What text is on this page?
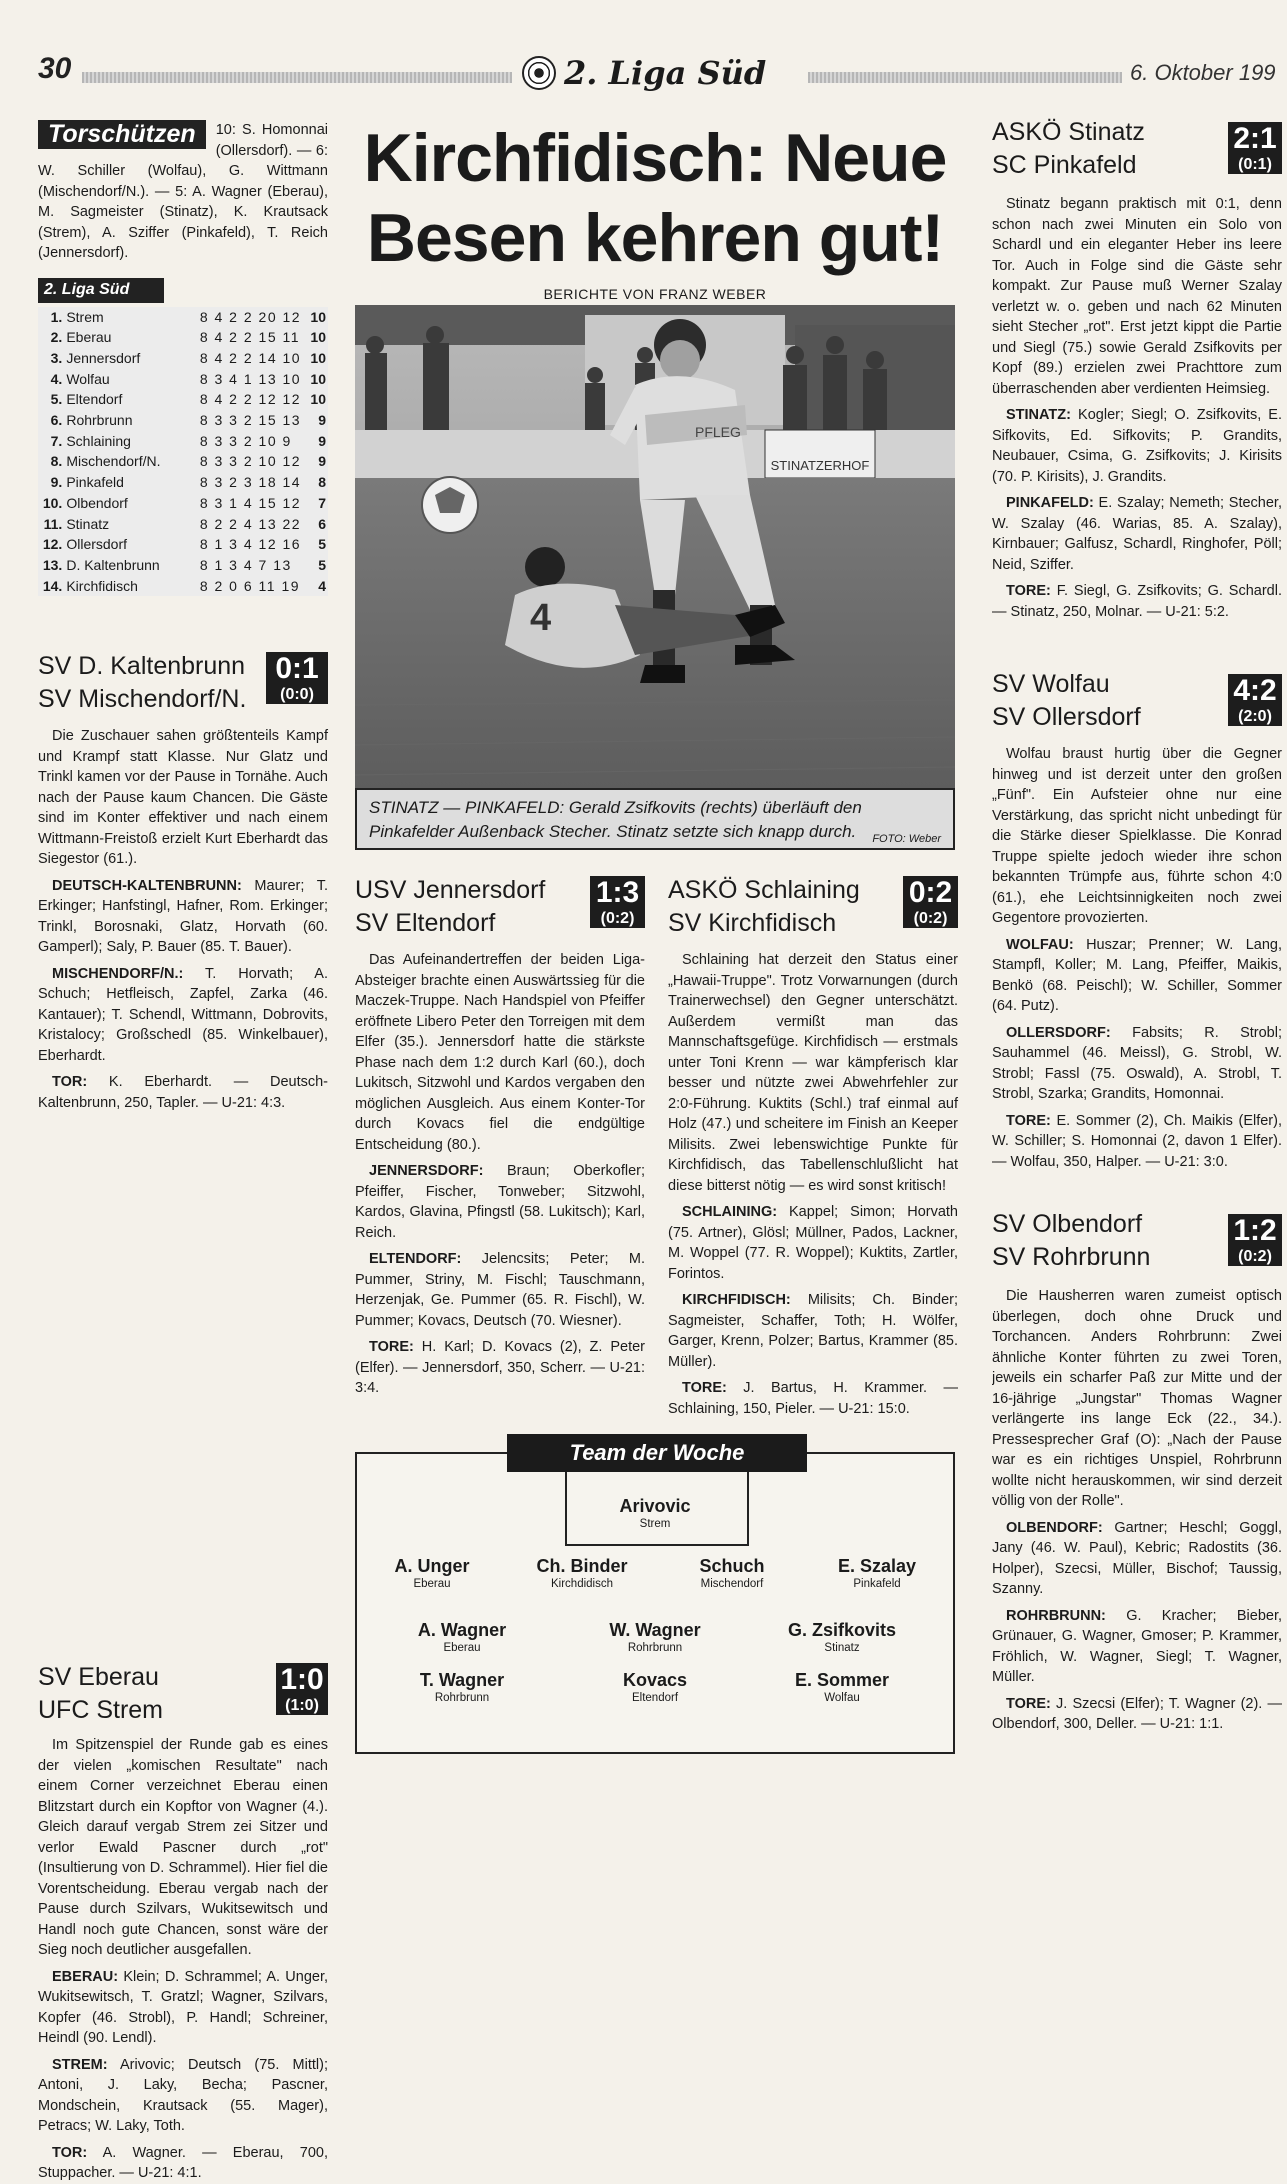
30	2. Liga Süd	6. Oktober 199
Torschützen	10: S. Homonnai (Ollersdorf). — 6: W. Schiller (Wolfau), G. Wittmann (Mischendorf/N.). — 5: A. Wagner (Eberau), M. Sagmeister (Stinatz), K. Krautsack (Strem), A. Sziffer (Pinkafeld), T. Reich (Jennersdorf).
2. Liga Süd
1.	Strem	8 4 2 2 20 12	10
2.	Eberau	8 4 2 2 15 11	10
3.	Jennersdorf	8 4 2 2 14 10	10
4.	Wolfau	8 3 4 1 13 10	10
5.	Eltendorf	8 4 2 2 12 12	10
6.	Rohrbrunn	8 3 3 2 15 13	9
7.	Schlaining	8 3 3 2 10 9	9
8.	Mischendorf/N.	8 3 3 2 10 12	9
9.	Pinkafeld	8 3 2 3 18 14	8
10.	Olbendorf	8 3 1 4 15 12	7
11.	Stinatz	8 2 2 4 13 22	6
12.	Ollersdorf	8 1 3 4 12 16	5
13.	D. Kaltenbrunn	8 1 3 4 7 13	5
14.	Kirchfidisch	8 2 0 6 11 19	4
SV D. Kaltenbrunn
SV Mischendorf/N.
0:1
(0:0)

Die Zuschauer sahen größtenteils Kampf und Krampf statt Klasse. Nur Glatz und Trinkl kamen vor der Pause in Tornähe. Auch nach der Pause kaum Chancen. Die Gäste sind im Konter effektiver und nach einem Wittmann-Freistoß erzielt Kurt Eberhardt das Siegestor (61.).

DEUTSCH-KALTENBRUNN: Maurer; T. Erkinger; Hanfstingl, Hafner, Rom. Erkinger; Trinkl, Borosnaki, Glatz, Horvath (60. Gamperl); Saly, P. Bauer (85. T. Bauer).

MISCHENDORF/N.: T. Horvath; A. Schuch; Hetfleisch, Zapfel, Zarka (46. Kantauer); T. Schendl, Wittmann, Dobrovits, Kristalocy; Großschedl (85. Winkelbauer), Eberhardt.

TOR: K. Eberhardt. — Deutsch-Kaltenbrunn, 250, Tapler. — U-21: 4:3.

SV Eberau
UFC Strem
1:0
(1:0)

Im Spitzenspiel der Runde gab es eines der vielen „komischen Resultate" nach einem Corner verzeichnet Eberau einen Blitzstart durch ein Kopftor von Wagner (4.). Gleich darauf vergab Strem zei Sitzer und verlor Ewald Pascner durch „rot" (Insultierung von D. Schrammel). Hier fiel die Vorentscheidung. Eberau vergab nach der Pause durch Szilvars, Wukitsewitsch und Handl noch gute Chancen, sonst wäre der Sieg noch deutlicher ausgefallen.

EBERAU: Klein; D. Schrammel; A. Unger, Wukitsewitsch, T. Gratzl; Wagner, Szilvars, Kopfer (46. Strobl), P. Handl; Schreiner, Heindl (90. Lendl).

STREM: Arivovic; Deutsch (75. Mittl); Antoni, J. Laky, Becha; Pascner, Mondschein, Krautsack (55. Mager), Petracs; W. Laky, Toth.

TOR: A. Wagner. — Eberau, 700, Stuppacher. — U-21: 4:1.

Kirchfidisch: Neue
Besen kehren gut!
BERICHTE VON FRANZ WEBER
STINATZERHOF
PFLEG
4
STINATZ — PINKAFELD: Gerald Zsifkovits (rechts) überläuft den Pinkafelder Außenback Stecher. Stinatz setzte sich knapp durch. FOTO: Weber
USV Jennersdorf
SV Eltendorf
1:3
(0:2)

Das Aufeinandertreffen der beiden Liga-Absteiger brachte einen Auswärtssieg für die Maczek-Truppe. Nach Handspiel von Pfeiffer eröffnete Libero Peter den Torreigen mit dem Elfer (35.). Jennersdorf hatte die stärkste Phase nach dem 1:2 durch Karl (60.), doch Lukitsch, Sitzwohl und Kardos vergaben den möglichen Ausgleich. Aus einem Konter-Tor durch Kovacs fiel die endgültige Entscheidung (80.).

JENNERSDORF: Braun; Oberkofler; Pfeiffer, Fischer, Tonweber; Sitzwohl, Kardos, Glavina, Pfingstl (58. Lukitsch); Karl, Reich.

ELTENDORF: Jelencsits; Peter; M. Pummer, Striny, M. Fischl; Tauschmann, Herzenjak, Ge. Pummer (65. R. Fischl), W. Pummer; Kovacs, Deutsch (70. Wiesner).

TORE: H. Karl; D. Kovacs (2), Z. Peter (Elfer). — Jennersdorf, 350, Scherr. — U-21: 3:4.

ASKÖ Schlaining
SV Kirchfidisch
0:2
(0:2)

Schlaining hat derzeit den Status einer „Hawaii-Truppe". Trotz Vorwarnungen (durch Trainerwechsel) den Gegner unterschätzt. Außerdem vermißt man das Mannschaftsgefüge. Kirchfidisch — erstmals unter Toni Krenn — war kämpferisch klar besser und nützte zwei Abwehrfehler zur 2:0-Führung. Kuktits (Schl.) traf einmal auf Holz (47.) und scheitere im Finish an Keeper Milisits. Zwei lebenswichtige Punkte für Kirchfidisch, das Tabellenschlußlicht hat diese bitterst nötig — es wird sonst kritisch!

SCHLAINING: Kappel; Simon; Horvath (75. Artner), Glösl; Müllner, Pados, Lackner, M. Woppel (77. R. Woppel); Kuktits, Zartler, Forintos.

KIRCHFIDISCH: Milisits; Ch. Binder; Sagmeister, Schaffer, Toth; H. Wölfer, Garger, Krenn, Polzer; Bartus, Krammer (85. Müller).

TORE: J. Bartus, H. Krammer. — Schlaining, 150, Pieler. — U-21: 15:0.

Team der Woche
Arivovic
Strem
A. Unger
Eberau
Ch. Binder
Kirchdidisch
Schuch
Mischendorf
E. Szalay
Pinkafeld
A. Wagner
Eberau
W. Wagner
Rohrbrunn
G. Zsifkovits
Stinatz
T. Wagner
Rohrbrunn
Kovacs
Eltendorf
E. Sommer
Wolfau
ASKÖ Stinatz
SC Pinkafeld
2:1
(0:1)

Stinatz begann praktisch mit 0:1, denn schon nach zwei Minuten ein Solo von Schardl und ein eleganter Heber ins leere Tor. Auch in Folge sind die Gäste sehr kompakt. Zur Pause muß Werner Szalay verletzt w. o. geben und nach 62 Minuten sieht Stecher „rot". Erst jetzt kippt die Partie und Siegl (75.) sowie Gerald Zsifkovits per Kopf (89.) erzielen zwei Prachttore zum überraschenden aber verdienten Heimsieg.

STINATZ: Kogler; Siegl; O. Zsifkovits, E. Sifkovits, Ed. Sifkovits; P. Grandits, Neubauer, Csima, G. Zsifkovits; J. Kirisits (70. P. Kirisits), J. Grandits.

PINKAFELD: E. Szalay; Nemeth; Stecher, W. Szalay (46. Warias, 85. A. Szalay), Kirnbauer; Galfusz, Schardl, Ringhofer, Pöll; Neid, Sziffer.

TORE: F. Siegl, G. Zsifkovits; G. Schardl. — Stinatz, 250, Molnar. — U-21: 5:2.

SV Wolfau
SV Ollersdorf
4:2
(2:0)

Wolfau braust hurtig über die Gegner hinweg und ist derzeit unter den großen „Fünf". Ein Aufsteier ohne nur eine Verstärkung, das spricht nicht unbedingt für die Stärke dieser Spielklasse. Die Konrad Truppe spielte jedoch wieder ihre schon bekannten Trümpfe aus, führte schon 4:0 (61.), ehe Leichtsinnigkeiten noch zwei Gegentore provozierten.

WOLFAU: Huszar; Prenner; W. Lang, Stampfl, Koller; M. Lang, Pfeiffer, Maikis, Benkö (68. Peischl); W. Schiller, Sommer (64. Putz).

OLLERSDORF: Fabsits; R. Strobl; Sauhammel (46. Meissl), G. Strobl, W. Strobl; Fassl (75. Oswald), A. Strobl, T. Strobl, Szarka; Grandits, Homonnai.

TORE: E. Sommer (2), Ch. Maikis (Elfer), W. Schiller; S. Homonnai (2, davon 1 Elfer). — Wolfau, 350, Halper. — U-21: 3:0.

SV Olbendorf
SV Rohrbrunn
1:2
(0:2)

Die Hausherren waren zumeist optisch überlegen, doch ohne Druck und Torchancen. Anders Rohrbrunn: Zwei ähnliche Konter führten zu zwei Toren, jeweils ein scharfer Paß zur Mitte und der 16-jährige „Jungstar" Thomas Wagner verlängerte ins lange Eck (22., 34.). Pressesprecher Graf (O): „Nach der Pause war es ein richtiges Unspiel, Rohrbrunn wollte nicht herauskommen, wir sind derzeit völlig von der Rolle".

OLBENDORF: Gartner; Heschl; Goggl, Jany (46. W. Paul), Kebric; Radostits (36. Holper), Szecsi, Müller, Bischof; Taussig, Szanny.

ROHRBRUNN: G. Kracher; Bieber, Grünauer, G. Wagner, Gmoser; P. Krammer, Fröhlich, W. Wagner, Siegl; T. Wagner, Müller.

TORE: J. Szecsi (Elfer); T. Wagner (2). — Olbendorf, 300, Deller. — U-21: 1:1.
